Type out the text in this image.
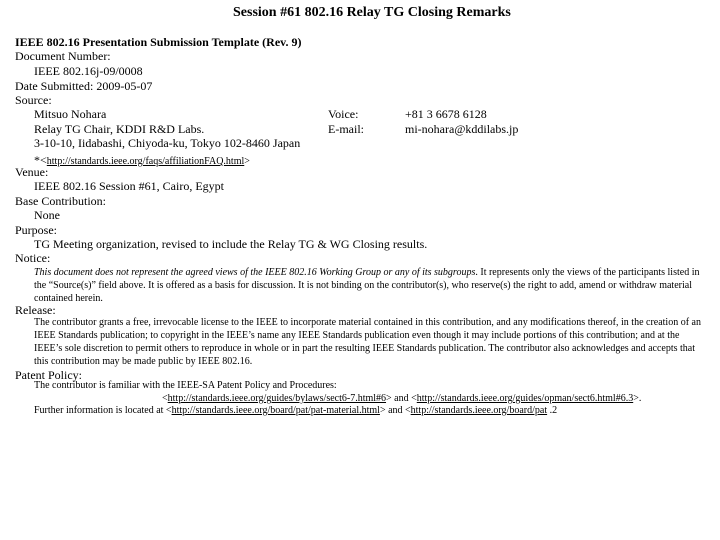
Session #61 802.16 Relay TG Closing Remarks
IEEE 802.16 Presentation Submission Template (Rev. 9)
Document Number:
IEEE 802.16j-09/0008
Date Submitted: 2009-05-07
Source:
Mitsuo Nohara
Relay TG Chair, KDDI R&D Labs.
3-10-10, Iidabashi, Chiyoda-ku, Tokyo 102-8460 Japan
Voice:	+81 3 6678 6128
E-mail:	mi-nohara@kddilabs.jp
*<http://standards.ieee.org/faqs/affiliationFAQ.html>
Venue:
IEEE 802.16 Session #61, Cairo, Egypt
Base Contribution:
None
Purpose:
TG Meeting organization, revised to include the Relay TG & WG Closing results.
Notice:
This document does not represent the agreed views of the IEEE 802.16 Working Group or any of its subgroups. It represents only the views of the participants listed in the “Source(s)” field above. It is offered as a basis for discussion. It is not binding on the contributor(s), who reserve(s) the right to add, amend or withdraw material contained herein.
Release:
The contributor grants a free, irrevocable license to the IEEE to incorporate material contained in this contribution, and any modifications thereof, in the creation of an IEEE Standards publication; to copyright in the IEEE’s name any IEEE Standards publication even though it may include portions of this contribution; and at the IEEE’s sole discretion to permit others to reproduce in whole or in part the resulting IEEE Standards publication. The contributor also acknowledges and accepts that this contribution may be made public by IEEE 802.16.
Patent Policy:
The contributor is familiar with the IEEE-SA Patent Policy and Procedures:
<http://standards.ieee.org/guides/bylaws/sect6-7.html#6> and <http://standards.ieee.org/guides/opman/sect6.html#6.3>.
Further information is located at <http://standards.ieee.org/board/pat/pat-material.html> and <http://standards.ieee.org/board/pat .2
